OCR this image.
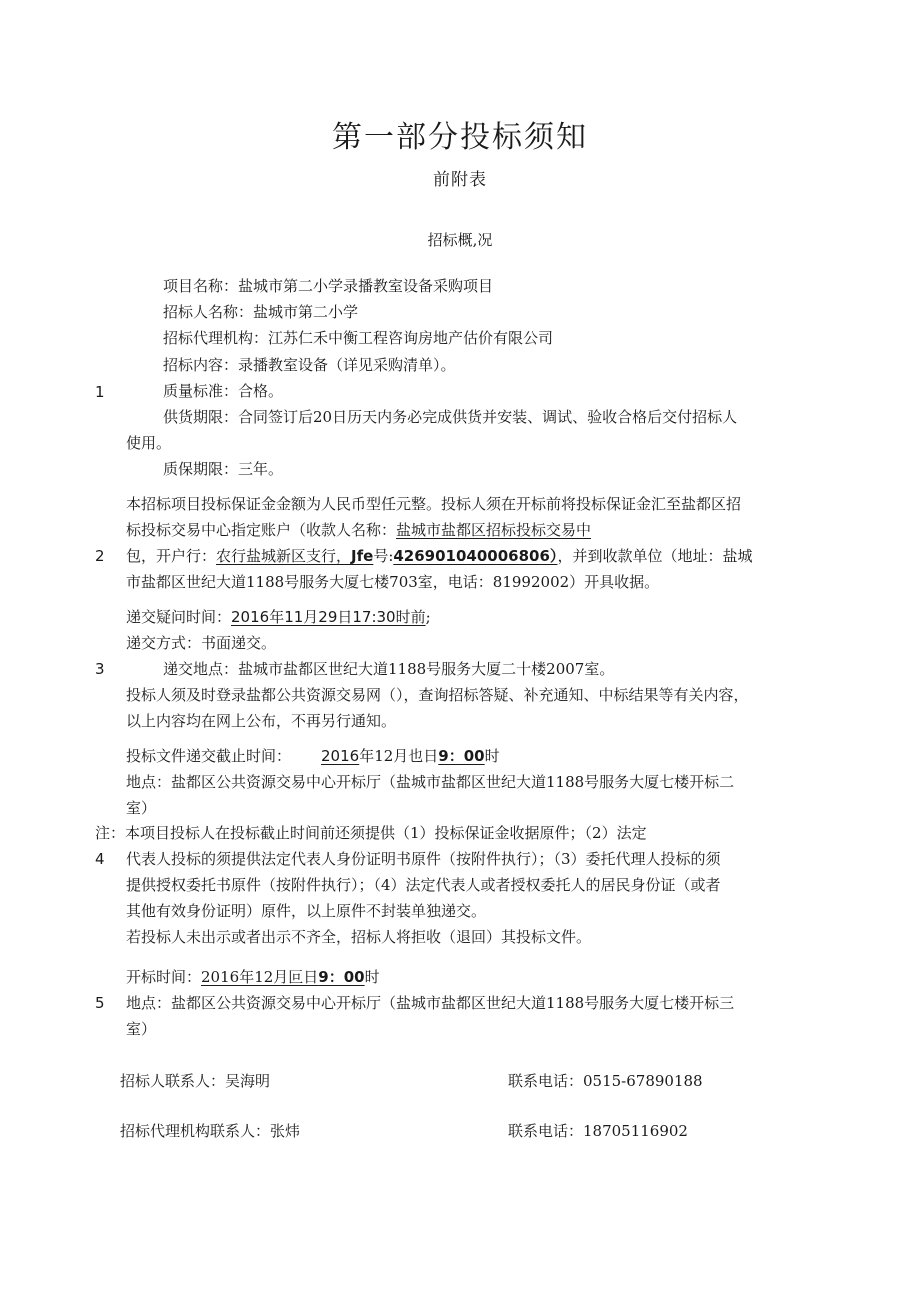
第一部分投标须知
前附表
招标概,况
1
项目名称：盐城市第二小学录播教室设备采购项目
招标人名称：盐城市第二小学
招标代理机构：江苏仁禾中衡工程咨询房地产估价有限公司
招标内容：录播教室设备（详见采购清单）。
质量标准：合格。
供货期限：合同签订后20日历天内务必完成供货并安装、调试、验收合格后交付招标人
使用。
质保期限：三年。
2
本招标项目投标保证金金额为人民币型任元整。投标人须在开标前将投标保证金汇至盐都区招
标投标交易中心指定账户（收款人名称：盐城市盐都区招标投标交易中
包，开户行：农行盐城新区支行，Jfe号:426901040006806），并到收款单位（地址：盐城
市盐都区世纪大道1188号服务大厦七楼703室，电话：81992002）开具收据。
3
递交疑问时间：2016年11月29日17:30时前;
递交方式：书面递交。
递交地点：盐城市盐都区世纪大道1188号服务大厦二十楼2007室。
投标人须及时登录盐都公共资源交易网（），查询招标答疑、补充通知、中标结果等有关内容，
以上内容均在网上公布，不再另行通知。
4
投标文件递交截止时间： 2016年12月也日9：00时
地点：盐都区公共资源交易中心开标厅（盐城市盐都区世纪大道1188号服务大厦七楼开标二
室）
注：本项目投标人在投标截止时间前还须提供（1）投标保证金收据原件；（2）法定
代表人投标的须提供法定代表人身份证明书原件（按附件执行）；（3）委托代理人投标的须
提供授权委托书原件（按附件执行）；（4）法定代表人或者授权委托人的居民身份证（或者
其他有效身份证明）原件，以上原件不封装单独递交。
若投标人未出示或者出示不齐全，招标人将拒收（退回）其投标文件。
5
开标时间：2016年12月叵日9：00时
地点：盐都区公共资源交易中心开标厅（盐城市盐都区世纪大道1188号服务大厦七楼开标三
室）
招标人联系人：吴海明	联系电话：0515-67890188
招标代理机构联系人：张炜	联系电话：18705116902
